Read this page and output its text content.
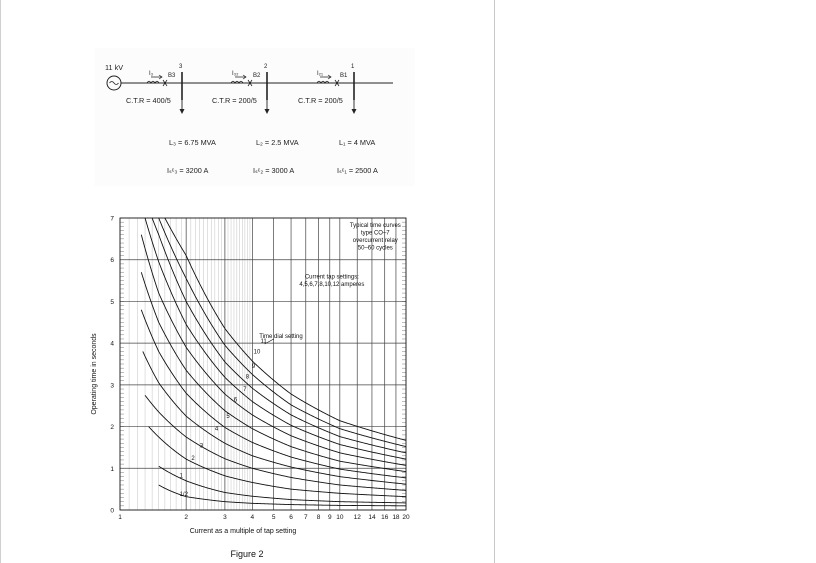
11 kV
I₃ B3
3
C.T.R = 400/5
I₃₂ B2
2
C.T.R = 200/5
I₂₁	B1
1
C.T.R = 200/5
L₃ = 6.75 MVA	L₂ = 2.5 MVA	L₁ = 4 MVA
Iₛᶜ₃ = 3200 A	Iₛᶜ₂ = 3000 A	Iₛᶜ₁ = 2500 A
1	2	3	4	5 6 7 8 9 10 12 14 16 18 20
0
1
2
3
4
5
6
7
Current as a multiple of tap setting
Operating time in seconds
1/2
1
2
3
4
5
6
7
8
9
10
11
Typical time curves
type CO–7
overcurrent relay
50–60 cycles
Current tap settings:
4,5,6,7,8,10,12 amperes
Time dial setting
Figure 2
